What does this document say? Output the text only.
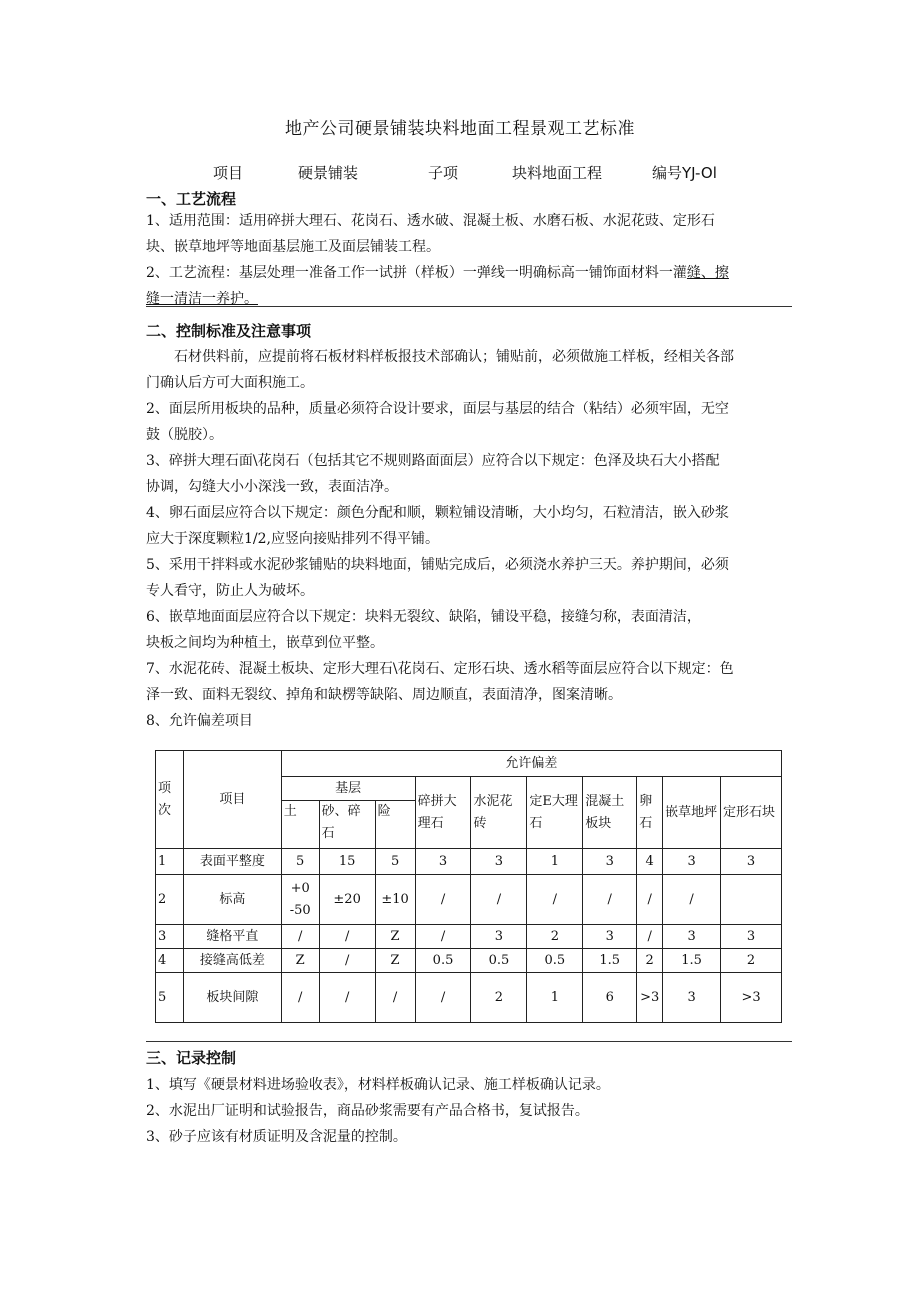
地产公司硬景铺装块料地面工程景观工艺标准
项目	硬景铺装	子项	块料地面工程	编号YJ-Ol
一、工艺流程
1、适用范围：适用碎拼大理石、花岗石、透水破、混凝土板、水磨石板、水泥花豉、定形石
块、嵌草地坪等地面基层施工及面层铺装工程。
2、工艺流程：基层处理一准备工作一试拼（样板）一弹线一明确标高一铺饰面材料一灌缝、擦
缝一清洁一养护。
二、控制标准及注意事项
石材供料前，应提前将石板材料样板报技术部确认；铺贴前，必须做施工样板，经相关各部
门确认后方可大面积施工。
2、面层所用板块的品种，质量必须符合设计要求，面层与基层的结合（粘结）必须牢固，无空
鼓（脱胶）。
3、碎拼大理石面\花岗石（包括其它不规则路面面层）应符合以下规定：色泽及块石大小搭配
协调，勾缝大小小深浅一致，表面洁净。
4、卵石面层应符合以下规定：颜色分配和顺，颗粒铺设清晰，大小均匀，石粒清洁，嵌入砂浆
应大于深度颗粒1/2,应竖向接贴排列不得平铺。
5、采用干拌料或水泥砂浆铺贴的块料地面，铺贴完成后，必须浇水养护三天。养护期间，必须
专人看守，防止人为破坏。
6、嵌草地面面层应符合以下规定：块料无裂纹、缺陷，铺设平稳，接缝匀称，表面清洁，
块板之间均为种植土，嵌草到位平整。
7、水泥花砖、混凝土板块、定形大理石\花岗石、定形石块、透水稻等面层应符合以下规定：色
泽一致、面料无裂纹、掉角和缺楞等缺陷、周边顺直，表面清净，图案清晰。
8、允许偏差项目
项次	项目	允许偏差									
		基层			碎拼大理石	水泥花砖	定E大理石	混凝土板块	卵石	嵌草地坪	定形石块
		土	砂、碎石	险							
1	表面平整度	5	15	5	3	3	1	3	4	3	3
2	标高	+0 -50	±20	±10	/	/	/	/	/	/	
3	缝格平直	/	/	Z	/	3	2	3	/	3	3
4	接缝高低差	Z	/	Z	0.5	0.5	0.5	1.5	2	1.5	2
5	板块间隙	/	/	/	/	2	1	6	>3	3	>3
三、记录控制
1、填写《硬景材料进场验收表》，材料样板确认记录、施工样板确认记录。
2、水泥出厂证明和试验报告，商品砂浆需要有产品合格书，复试报告。
3、砂子应该有材质证明及含泥量的控制。
